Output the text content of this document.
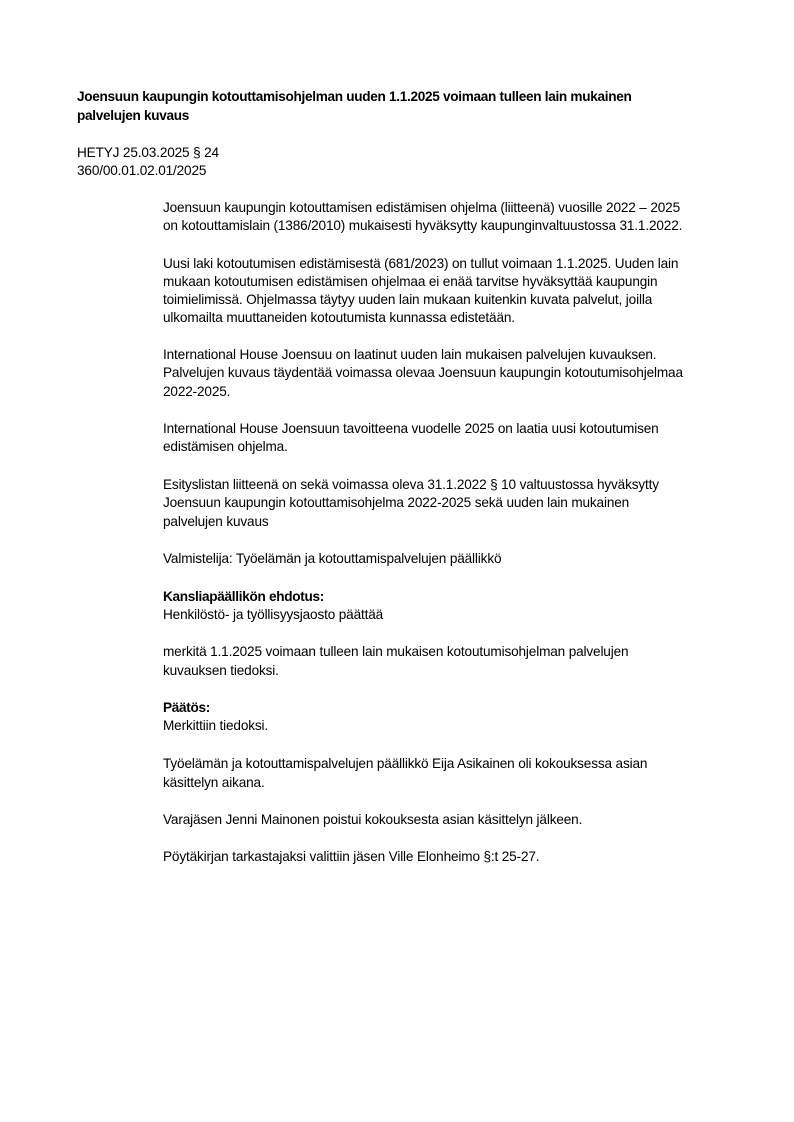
Joensuun kaupungin kotouttamisohjelman uuden 1.1.2025 voimaan tulleen lain mukainen
palvelujen kuvaus
HETYJ 25.03.2025 § 24
360/00.01.02.01/2025
Joensuun kaupungin kotouttamisen edistämisen ohjelma (liitteenä) vuosille 2022 – 2025
on kotouttamislain (1386/2010) mukaisesti hyväksytty kaupunginvaltuustossa 31.1.2022.
Uusi laki kotoutumisen edistämisestä (681/2023) on tullut voimaan 1.1.2025. Uuden lain
mukaan kotoutumisen edistämisen ohjelmaa ei enää tarvitse hyväksyttää kaupungin
toimielimissä. Ohjelmassa täytyy uuden lain mukaan kuitenkin kuvata palvelut, joilla
ulkomailta muuttaneiden kotoutumista kunnassa edistetään.
International House Joensuu on laatinut uuden lain mukaisen palvelujen kuvauksen.
Palvelujen kuvaus täydentää voimassa olevaa Joensuun kaupungin kotoutumisohjelmaa
2022-2025.
International House Joensuun tavoitteena vuodelle 2025 on laatia uusi kotoutumisen
edistämisen ohjelma.
Esityslistan liitteenä on sekä voimassa oleva 31.1.2022 § 10 valtuustossa hyväksytty
Joensuun kaupungin kotouttamisohjelma 2022-2025 sekä uuden lain mukainen
palvelujen kuvaus
Valmistelija: Työelämän ja kotouttamispalvelujen päällikkö
Kansliapäällikön ehdotus:
Henkilöstö- ja työllisyysjaosto päättää
merkitä 1.1.2025 voimaan tulleen lain mukaisen kotoutumisohjelman palvelujen
kuvauksen tiedoksi.
Päätös:
Merkittiin tiedoksi.
Työelämän ja kotouttamispalvelujen päällikkö Eija Asikainen oli kokouksessa asian
käsittelyn aikana.
Varajäsen Jenni Mainonen poistui kokouksesta asian käsittelyn jälkeen.
Pöytäkirjan tarkastajaksi valittiin jäsen Ville Elonheimo §:t 25-27.
